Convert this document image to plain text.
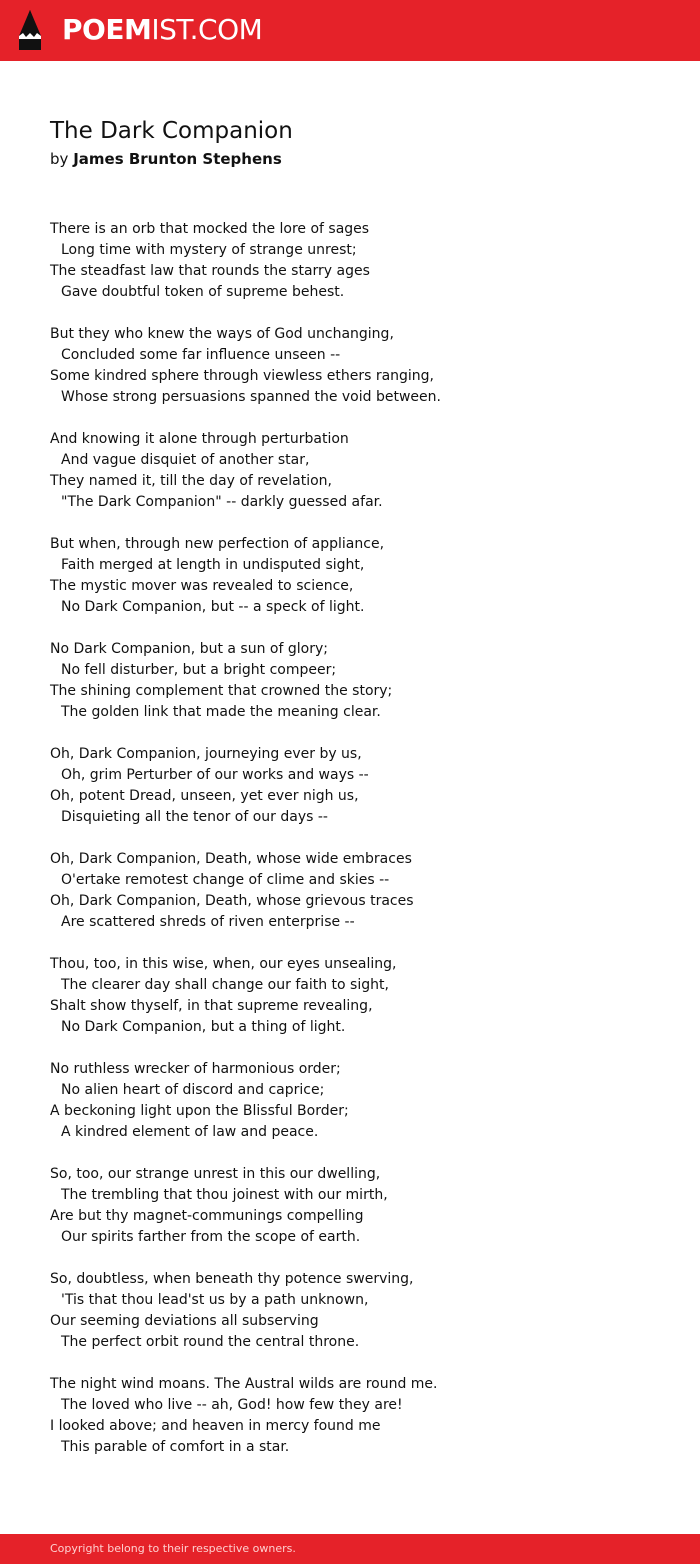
POEMIST.COM
The Dark Companion
by James Brunton Stephens
There is an orb that mocked the lore of sages
Long time with mystery of strange unrest;
The steadfast law that rounds the starry ages
Gave doubtful token of supreme behest.
But they who knew the ways of God unchanging,
Concluded some far influence unseen --
Some kindred sphere through viewless ethers ranging,
Whose strong persuasions spanned the void between.
And knowing it alone through perturbation
And vague disquiet of another star,
They named it, till the day of revelation,
"The Dark Companion" -- darkly guessed afar.
But when, through new perfection of appliance,
Faith merged at length in undisputed sight,
The mystic mover was revealed to science,
No Dark Companion, but -- a speck of light.
No Dark Companion, but a sun of glory;
No fell disturber, but a bright compeer;
The shining complement that crowned the story;
The golden link that made the meaning clear.
Oh, Dark Companion, journeying ever by us,
Oh, grim Perturber of our works and ways --
Oh, potent Dread, unseen, yet ever nigh us,
Disquieting all the tenor of our days --
Oh, Dark Companion, Death, whose wide embraces
O'ertake remotest change of clime and skies --
Oh, Dark Companion, Death, whose grievous traces
Are scattered shreds of riven enterprise --
Thou, too, in this wise, when, our eyes unsealing,
The clearer day shall change our faith to sight,
Shalt show thyself, in that supreme revealing,
No Dark Companion, but a thing of light.
No ruthless wrecker of harmonious order;
No alien heart of discord and caprice;
A beckoning light upon the Blissful Border;
A kindred element of law and peace.
So, too, our strange unrest in this our dwelling,
The trembling that thou joinest with our mirth,
Are but thy magnet-communings compelling
Our spirits farther from the scope of earth.
So, doubtless, when beneath thy potence swerving,
'Tis that thou lead'st us by a path unknown,
Our seeming deviations all subserving
The perfect orbit round the central throne.
The night wind moans. The Austral wilds are round me.
The loved who live -- ah, God! how few they are!
I looked above; and heaven in mercy found me
This parable of comfort in a star.
Copyright belong to their respective owners.
